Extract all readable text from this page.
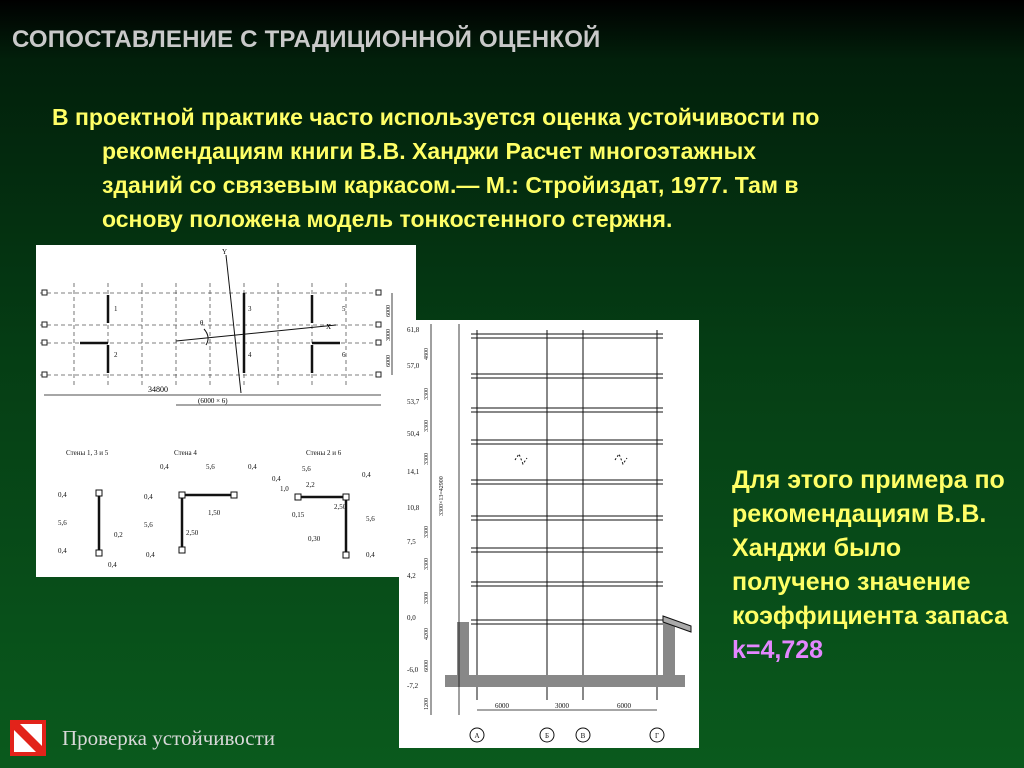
СОПОСТАВЛЕНИЕ С ТРАДИЦИОННОЙ ОЦЕНКОЙ
В проектной практике часто используется оценка устойчивости по
рекомендациям книги В.В. Ханджи Расчет многоэтажных
зданий со связевым каркасом.— М.: Стройиздат, 1977. Там в
основу положена модель тонкостенного стержня.
Y
X
θ
1
2
3
4
5
6
34800
(6000 × 6)
6000
6000
3000
Стены 1, 3 и 5	Стена 4	Стены 2 и 6
0,4
5,6
0,4
0,2
0,4
0,4	5,6	0,4
0,4
5,6
1,50
2,50
0,4
5,6
0,4
2,2
0,4
1,0
0,15
0,30
2,50
5,6
0,4
61,8
57,0
53,7
50,4
14,1
10,8
7,5
4,2
0,0
-6,0
-7,2
4800
3300
3300
3300
3300×13=42900
3300
3300
3300
4200
6000
1200	6000	3000	6000
А	Б	В	Г
Для этого примера по рекомендациям В.В. Ханджи было получено значение коэффициента запаса k=4,728
Проверка устойчивости
